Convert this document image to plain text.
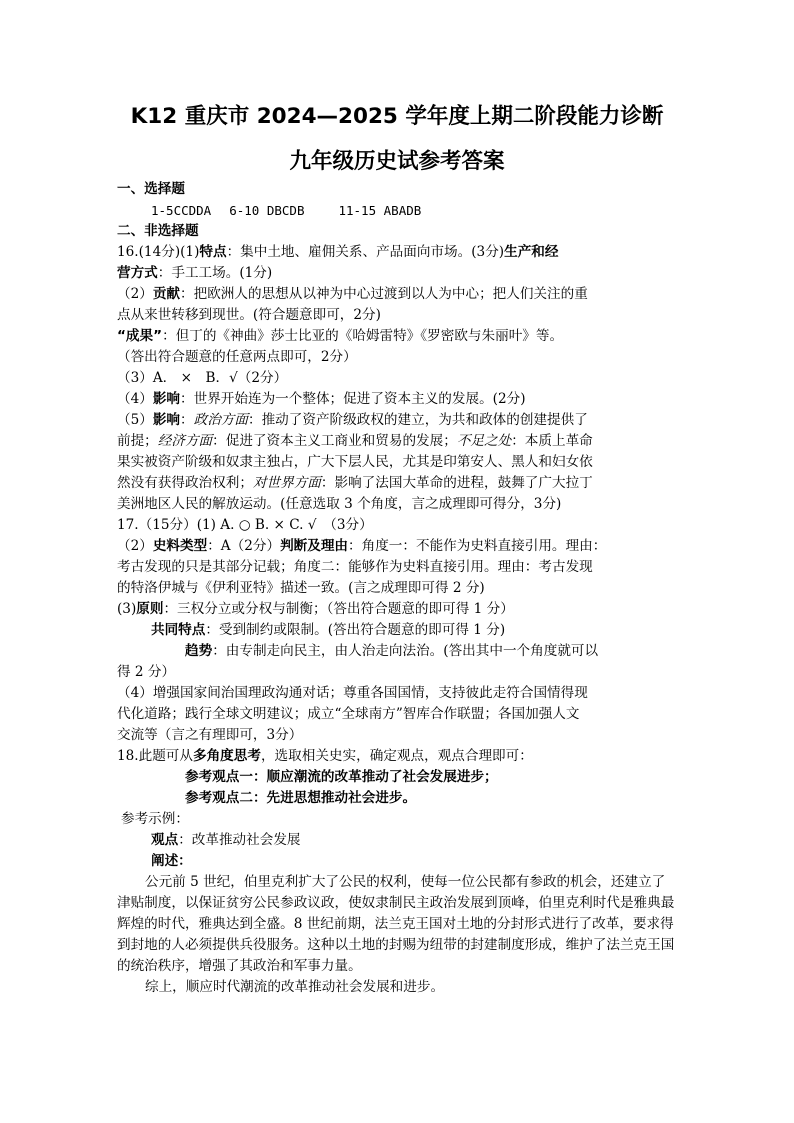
K12 重庆市 2024—2025 学年度上期二阶段能力诊断
九年级历史试参考答案

一、选择题

1-5CCDDA 6-10 DBCDB	11-15 ABADB

二、非选择题

16.(14分)(1)特点：集中土地、雇佣关系、产品面向市场。(3分)生产和经

营方式：手工工场。(1分)

（2）贡献：把欧洲人的思想从以神为中心过渡到以人为中心；把人们关注的重

点从来世转移到现世。(符合题意即可，2分)

“成果”：但丁的《神曲》莎士比亚的《哈姆雷特》《罗密欧与朱丽叶》等。

（答出符合题意的任意两点即可，2分）

（3）A． ×　B．√（2分）

（4）影响：世界开始连为一个整体；促进了资本主义的发展。(2分)

（5）影响：政治方面：推动了资产阶级政权的建立，为共和政体的创建提供了

前提；经济方面：促进了资本主义工商业和贸易的发展；不足之处：本质上革命

果实被资产阶级和奴隶主独占，广大下层人民，尤其是印第安人、黑人和妇女依

然没有获得政治权利；对世界方面：影响了法国大革命的进程，鼓舞了广大拉丁

美洲地区人民的解放运动。(任意选取 3 个角度，言之成理即可得分，3分)

17.（15分）(1) A. ○ B. × C. √　（3分）

（2）史料类型：A（2分）判断及理由：角度一：不能作为史料直接引用。理由：

考古发现的只是其部分记载；角度二：能够作为史料直接引用。理由：考古发现

的特洛伊城与《伊利亚特》描述一致。(言之成理即可得 2 分)

(3)原则：三权分立或分权与制衡；（答出符合题意的即可得 1 分）

共同特点：受到制约或限制。(答出符合题意的即可得 1 分)

趋势：由专制走向民主，由人治走向法治。(答出其中一个角度就可以

得 2 分）

（4）增强国家间治国理政沟通对话；尊重各国国情，支持彼此走符合国情得现

代化道路；践行全球文明建议；成立“全球南方”智库合作联盟；各国加强人文

交流等（言之有理即可，3分）

18.此题可从多角度思考，选取相关史实，确定观点，观点合理即可：

参考观点一：顺应潮流的改革推动了社会发展进步；

参考观点二：先进思想推动社会进步。

参考示例：

观点：改革推动社会发展

阐述：

公元前 5 世纪，伯里克利扩大了公民的权利，使每一位公民都有参政的机会，还建立了津贴制度，以保证贫穷公民参政议政，使奴隶制民主政治发展到顶峰，伯里克利时代是雅典最辉煌的时代，雅典达到全盛。8 世纪前期，法兰克王国对土地的分封形式进行了改革，要求得到封地的人必须提供兵役服务。这种以土地的封赐为纽带的封建制度形成，维护了法兰克王国的统治秩序，增强了其政治和军事力量。

综上，顺应时代潮流的改革推动社会发展和进步。
